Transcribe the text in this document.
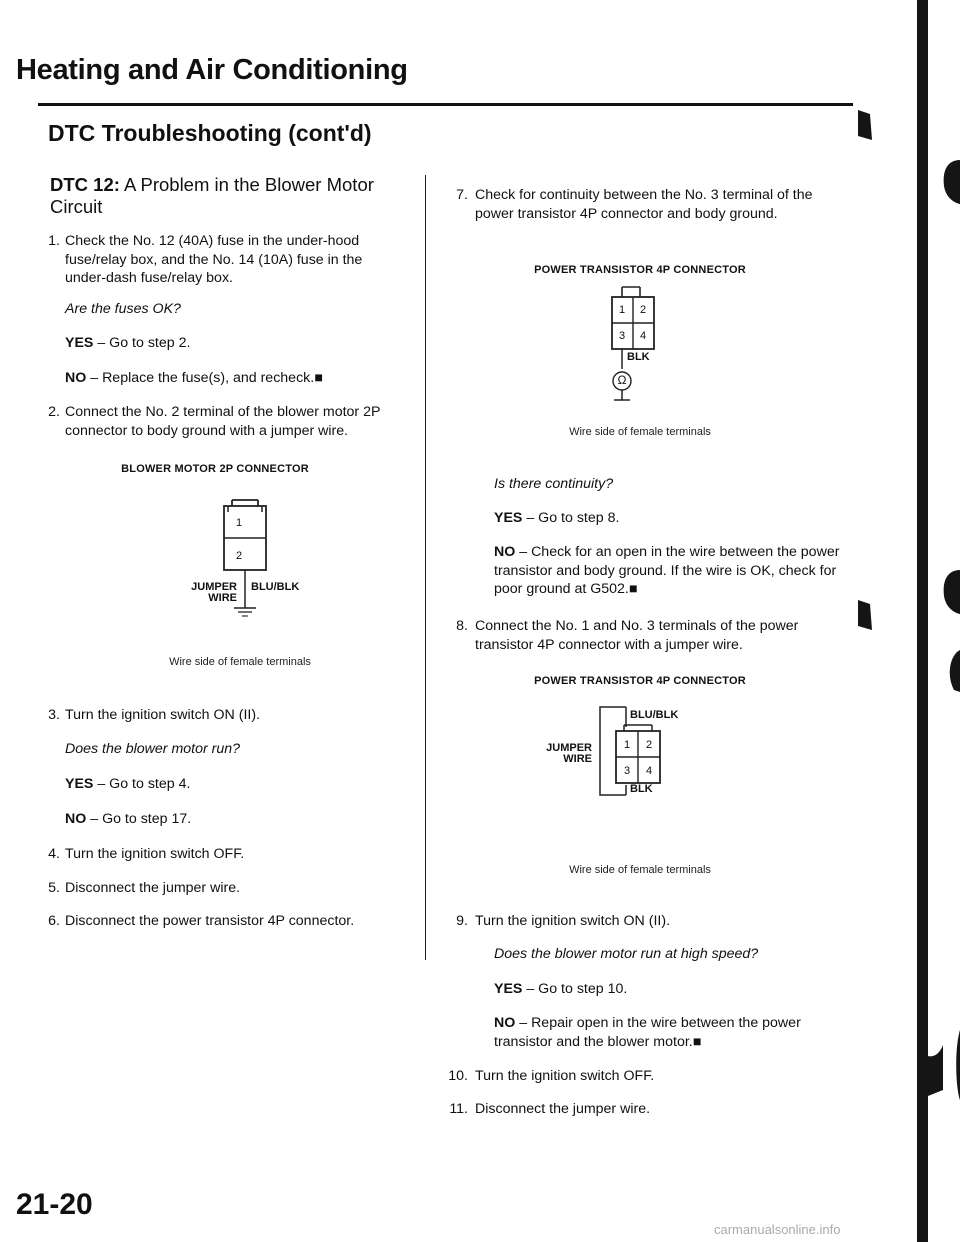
Heating and Air Conditioning
DTC Troubleshooting (cont'd)
DTC 12: A Problem in the Blower Motor Circuit
1. Check the No. 12 (40A) fuse in the under-hood fuse/relay box, and the No. 14 (10A) fuse in the under-dash fuse/relay box.
Are the fuses OK?
YES – Go to step 2.
NO – Replace the fuse(s), and recheck.■
2. Connect the No. 2 terminal of the blower motor 2P connector to body ground with a jumper wire.
BLOWER MOTOR 2P CONNECTOR
1
2
JUMPER
WIRE
BLU/BLK
Wire side of female terminals
3. Turn the ignition switch ON (II).
Does the blower motor run?
YES – Go to step 4.
NO – Go to step 17.
4. Turn the ignition switch OFF.
5. Disconnect the jumper wire.
6. Disconnect the power transistor 4P connector.
7. Check for continuity between the No. 3 terminal of the power transistor 4P connector and body ground.
POWER TRANSISTOR 4P CONNECTOR
1	2
3	4
BLK
Ω
Wire side of female terminals
Is there continuity?
YES – Go to step 8.
NO – Check for an open in the wire between the power transistor and body ground. If the wire is OK, check for poor ground at G502.■
8. Connect the No. 1 and No. 3 terminals of the power transistor 4P connector with a jumper wire.
POWER TRANSISTOR 4P CONNECTOR
1	2
3	4
BLU/BLK
BLK
JUMPER
WIRE
Wire side of female terminals
9. Turn the ignition switch ON (II).
Does the blower motor run at high speed?
YES – Go to step 10.
NO – Repair open in the wire between the power transistor and the blower motor.■
10. Turn the ignition switch OFF.
11. Disconnect the jumper wire.
21-20
carmanualsonline.info
